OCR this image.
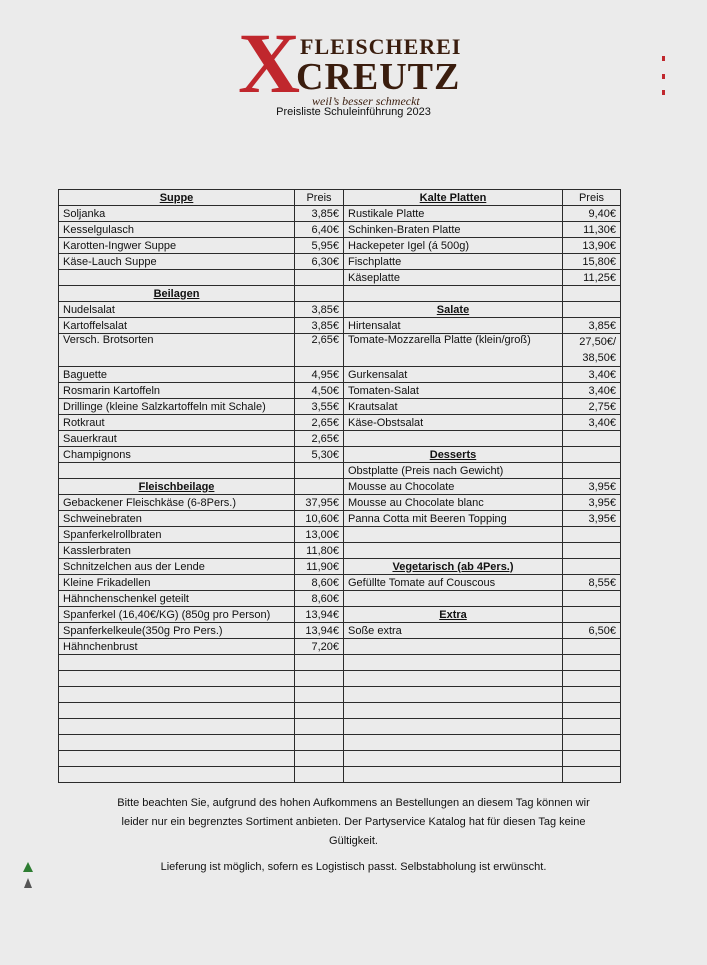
X FLEISCHEREI
CREUTZ
weil’s besser schmeckt
Preisliste Schuleinführung 2023
Suppe	Preis	Kalte Platten	Preis
Soljanka	3,85€	Rustikale Platte	9,40€
Kesselgulasch	6,40€	Schinken-Braten Platte	11,30€
Karotten-Ingwer Suppe	5,95€	Hackepeter Igel (á 500g)	13,90€
Käse-Lauch Suppe	6,30€	Fischplatte	15,80€
		Käseplatte	11,25€
Beilagen			
Nudelsalat	3,85€	Salate	
Kartoffelsalat	3,85€	Hirtensalat	3,85€
Versch. Brotsorten	2,65€	Tomate-Mozzarella Platte (klein/groß)	27,50€/
38,50€

Baguette	4,95€	Gurkensalat	3,40€
Rosmarin Kartoffeln	4,50€	Tomaten-Salat	3,40€
Drillinge (kleine Salzkartoffeln mit Schale)	3,55€	Krautsalat	2,75€
Rotkraut	2,65€	Käse-Obstsalat	3,40€
Sauerkraut	2,65€		
Champignons	5,30€	Desserts	
		Obstplatte (Preis nach Gewicht)	
Fleischbeilage		Mousse au Chocolate	3,95€
Gebackener Fleischkäse (6-8Pers.)	37,95€	Mousse au Chocolate blanc	3,95€
Schweinebraten	10,60€	Panna Cotta mit Beeren Topping	3,95€
Spanferkelrollbraten	13,00€		
Kasslerbraten	11,80€		
Schnitzelchen aus der Lende	11,90€	Vegetarisch (ab 4Pers.)	
Kleine Frikadellen	8,60€	Gefüllte Tomate auf Couscous	8,55€
Hähnchenschenkel geteilt	8,60€		
Spanferkel (16,40€/KG) (850g pro Person)	13,94€	Extra	
Spanferkelkeule(350g Pro Pers.)	13,94€	Soße extra	6,50€
Hähnchenbrust	7,20€		

Bitte beachten Sie, aufgrund des hohen Aufkommens an Bestellungen an diesem Tag können wir
leider nur ein begrenztes Sortiment anbieten. Der Partyservice Katalog hat für diesen Tag keine
Gültigkeit.
Lieferung ist möglich, sofern es Logistisch passt. Selbstabholung ist erwünscht.
